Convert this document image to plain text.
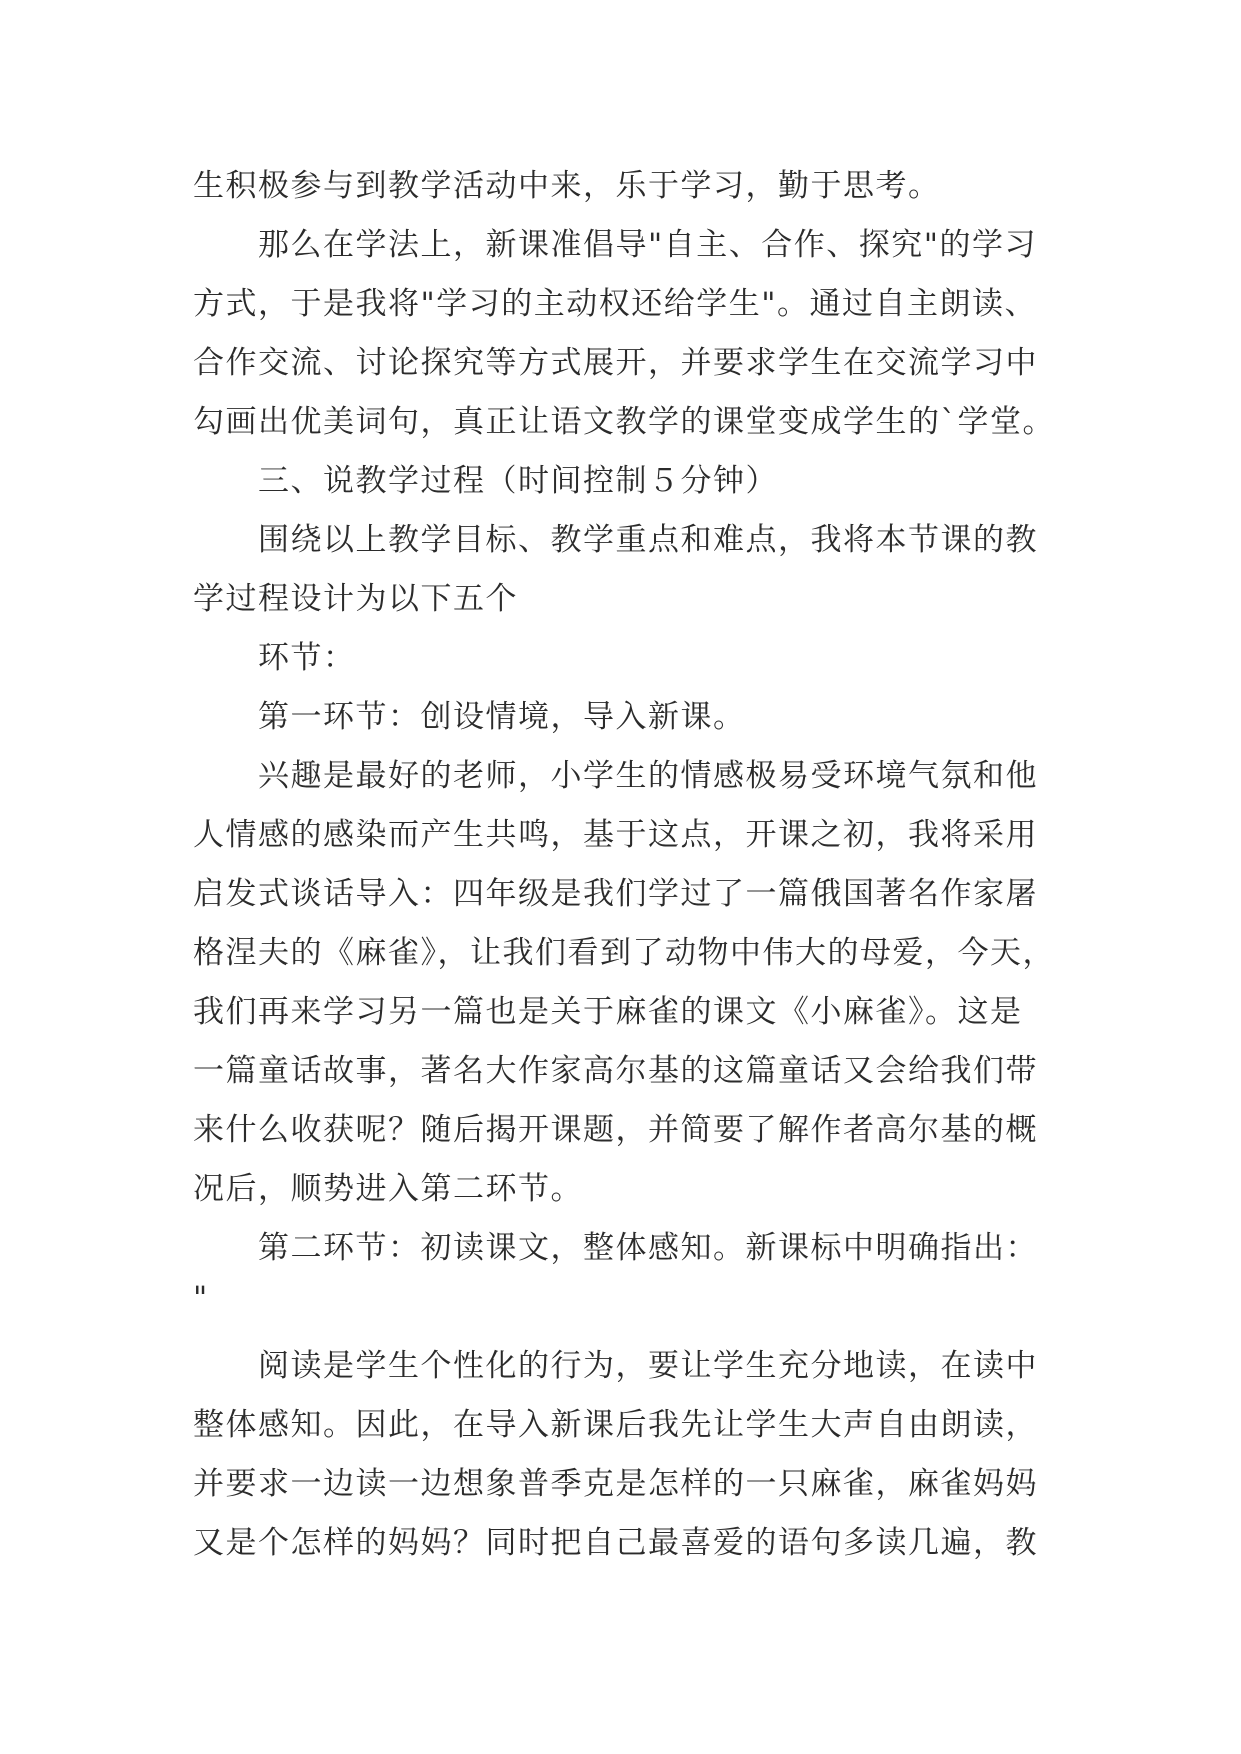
生积极参与到教学活动中来，乐于学习，勤于思考。
　　那么在学法上，新课准倡导"自主、合作、探究"的学习
方式，于是我将"学习的主动权还给学生"。通过自主朗读、
合作交流、讨论探究等方式展开，并要求学生在交流学习中
勾画出优美词句，真正让语文教学的课堂变成学生的`学堂。
　　三、说教学过程（时间控制５分钟）
　　围绕以上教学目标、教学重点和难点，我将本节课的教
学过程设计为以下五个
　　环节：
　　第一环节：创设情境，导入新课。
　　兴趣是最好的老师，小学生的情感极易受环境气氛和他
人情感的感染而产生共鸣，基于这点，开课之初，我将采用
启发式谈话导入：四年级是我们学过了一篇俄国著名作家屠
格涅夫的《麻雀》，让我们看到了动物中伟大的母爱，今天，
我们再来学习另一篇也是关于麻雀的课文《小麻雀》。这是
一篇童话故事，著名大作家高尔基的这篇童话又会给我们带
来什么收获呢？随后揭开课题，并简要了解作者高尔基的概
况后，顺势进入第二环节。
　　第二环节：初读课文，整体感知。新课标中明确指出：
"
　　阅读是学生个性化的行为，要让学生充分地读，在读中
整体感知。因此，在导入新课后我先让学生大声自由朗读，
并要求一边读一边想象普季克是怎样的一只麻雀，麻雀妈妈
又是个怎样的妈妈？同时把自己最喜爱的语句多读几遍，教
